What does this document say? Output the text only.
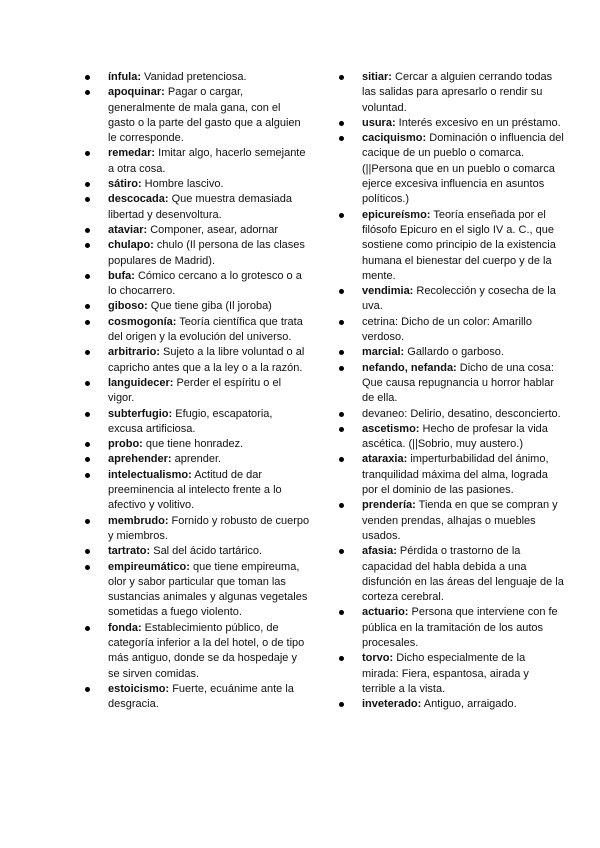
ínfula: Vanidad pretenciosa.
apoquinar: Pagar o cargar, generalmente de mala gana, con el gasto o la parte del gasto que a alguien le corresponde.
remedar: Imitar algo, hacerlo semejante a otra cosa.
sátiro: Hombre lascivo.
descocada: Que muestra demasiada libertad y desenvoltura.
ataviar: Componer, asear, adornar
chulapo: chulo (Il persona de las clases populares de Madrid).
bufa: Cómico cercano a lo grotesco o a lo chocarrero.
giboso: Que tiene giba (Il joroba)
cosmogonía: Teoría científica que trata del origen y la evolución del universo.
arbitrario: Sujeto a la libre voluntad o al capricho antes que a la ley o a la razón.
languidecer: Perder el espíritu o el vigor.
subterfugio: Efugio, escapatoria, excusa artificiosa.
probo: que tiene honradez.
aprehender: aprender.
intelectualismo: Actitud de dar preeminencia al intelecto frente a lo afectivo y volitivo.
membrudo: Fornido y robusto de cuerpo y miembros.
tartrato: Sal del ácido tartárico.
empireumático: que tiene empireuma, olor y sabor particular que toman las sustancias animales y algunas vegetales sometidas a fuego violento.
fonda: Establecimiento público, de categoría inferior a la del hotel, o de tipo más antiguo, donde se da hospedaje y se sirven comidas.
estoicismo: Fuerte, ecuánime ante la desgracia.
sitiar: Cercar a alguien cerrando todas las salidas para apresarlo o rendir su voluntad.
usura: Interés excesivo en un préstamo.
caciquismo: Dominación o influencia del cacique de un pueblo o comarca. (||Persona que en un pueblo o comarca ejerce excesiva influencia en asuntos políticos.)
epicureísmo: Teoría enseñada por el filósofo Epicuro en el siglo IV a. C., que sostiene como principio de la existencia humana el bienestar del cuerpo y de la mente.
vendimia: Recolección y cosecha de la uva.
cetrina: Dicho de un color: Amarillo verdoso.
marcial: Gallardo o garboso.
nefando, nefanda: Dicho de una cosa: Que causa repugnancia u horror hablar de ella.
devaneo: Delirio, desatino, desconcierto.
ascetismo: Hecho de profesar la vida ascética. (||Sobrio, muy austero.)
ataraxia: imperturbabilidad del ánimo, tranquilidad máxima del alma, lograda por el dominio de las pasiones.
prendería: Tienda en que se compran y venden prendas, alhajas o muebles usados.
afasia: Pérdida o trastorno de la capacidad del habla debida a una disfunción en las áreas del lenguaje de la corteza cerebral.
actuario: Persona que interviene con fe pública en la tramitación de los autos procesales.
torvo: Dicho especialmente de la mirada: Fiera, espantosa, airada y terrible a la vista.
inveterado: Antiguo, arraigado.
